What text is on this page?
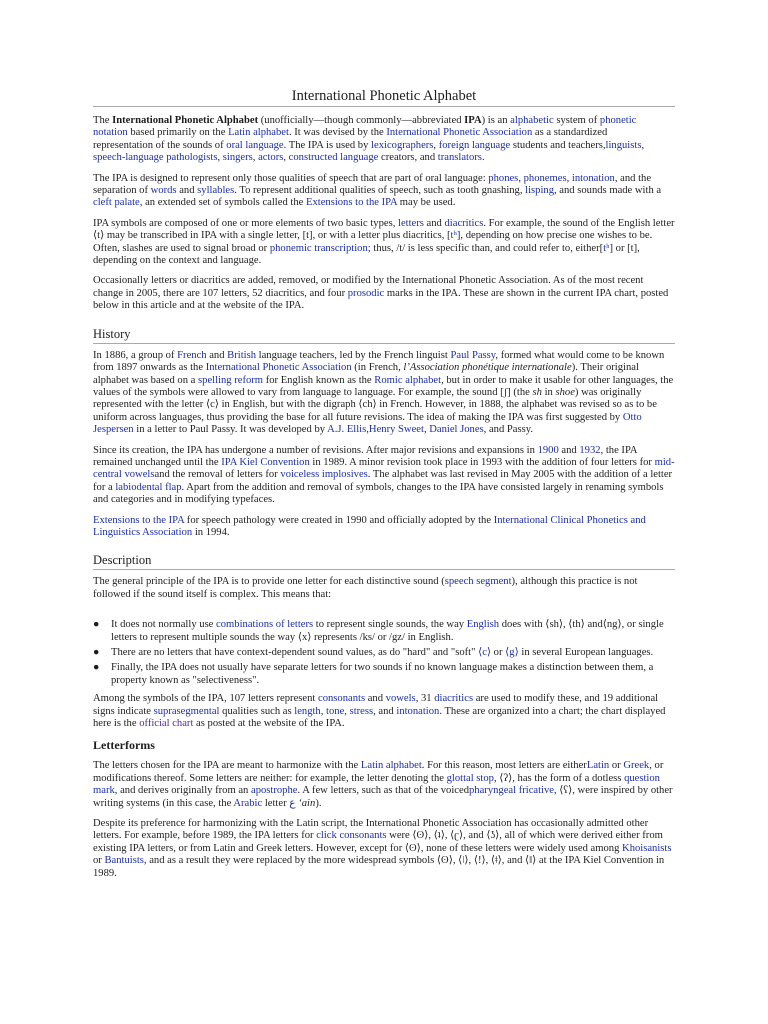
International Phonetic Alphabet

The International Phonetic Alphabet (unofficially—though commonly—abbreviated IPA) is an alphabetic system of phonetic notation based primarily on the Latin alphabet. It was devised by the International Phonetic Association as a standardized representation of the sounds of oral language. The IPA is used by lexicographers, foreign language students and teachers,linguists, speech-language pathologists, singers, actors, constructed language creators, and translators.

The IPA is designed to represent only those qualities of speech that are part of oral language: phones, phonemes, intonation, and the separation of words and syllables. To represent additional qualities of speech, such as tooth gnashing, lisping, and sounds made with a cleft palate, an extended set of symbols called the Extensions to the IPA may be used.

IPA symbols are composed of one or more elements of two basic types, letters and diacritics. For example, the sound of the English letter ⟨t⟩ may be transcribed in IPA with a single letter, [t], or with a letter plus diacritics, [tʰ], depending on how precise one wishes to be. Often, slashes are used to signal broad or phonemic transcription; thus, /t/ is less specific than, and could refer to, either[tʰ] or [t], depending on the context and language.

Occasionally letters or diacritics are added, removed, or modified by the International Phonetic Association. As of the most recent change in 2005, there are 107 letters, 52 diacritics, and four prosodic marks in the IPA. These are shown in the current IPA chart, posted below in this article and at the website of the IPA.

History

In 1886, a group of French and British language teachers, led by the French linguist Paul Passy, formed what would come to be known from 1897 onwards as the International Phonetic Association (in French, l’Association phonétique internationale). Their original alphabet was based on a spelling reform for English known as the Romic alphabet, but in order to make it usable for other languages, the values of the symbols were allowed to vary from language to language. For example, the sound [ʃ] (the sh in shoe) was originally represented with the letter ⟨c⟩ in English, but with the digraph ⟨ch⟩ in French. However, in 1888, the alphabet was revised so as to be uniform across languages, thus providing the base for all future revisions. The idea of making the IPA was first suggested by Otto Jespersen in a letter to Paul Passy. It was developed by A.J. Ellis,Henry Sweet, Daniel Jones, and Passy.

Since its creation, the IPA has undergone a number of revisions. After major revisions and expansions in 1900 and 1932, the IPA remained unchanged until the IPA Kiel Convention in 1989. A minor revision took place in 1993 with the addition of four letters for mid-central vowelsand the removal of letters for voiceless implosives. The alphabet was last revised in May 2005 with the addition of a letter for a labiodental flap. Apart from the addition and removal of symbols, changes to the IPA have consisted largely in renaming symbols and categories and in modifying typefaces.

Extensions to the IPA for speech pathology were created in 1990 and officially adopted by the International Clinical Phonetics and Linguistics Association in 1994.

Description

The general principle of the IPA is to provide one letter for each distinctive sound (speech segment), although this practice is not followed if the sound itself is complex. This means that:

● It does not normally use combinations of letters to represent single sounds, the way English does with ⟨sh⟩, ⟨th⟩ and⟨ng⟩, or single letters to represent multiple sounds the way ⟨x⟩ represents /ks/ or /gz/ in English.
● There are no letters that have context-dependent sound values, as do "hard" and "soft" ⟨c⟩ or ⟨g⟩ in several European languages.
● Finally, the IPA does not usually have separate letters for two sounds if no known language makes a distinction between them, a property known as "selectiveness".

Among the symbols of the IPA, 107 letters represent consonants and vowels, 31 diacritics are used to modify these, and 19 additional signs indicate suprasegmental qualities such as length, tone, stress, and intonation. These are organized into a chart; the chart displayed here is the official chart as posted at the website of the IPA.

Letterforms

The letters chosen for the IPA are meant to harmonize with the Latin alphabet. For this reason, most letters are eitherLatin or Greek, or modifications thereof. Some letters are neither: for example, the letter denoting the glottal stop, ⟨ʔ⟩, has the form of a dotless question mark, and derives originally from an apostrophe. A few letters, such as that of the voicedpharyngeal fricative, ⟨ʕ⟩, were inspired by other writing systems (in this case, the Arabic letter ع ‘ain).

Despite its preference for harmonizing with the Latin script, the International Phonetic Association has occasionally admitted other letters. For example, before 1989, the IPA letters for click consonants were ⟨ʘ⟩, ⟨ʇ⟩, ⟨ʗ⟩, and ⟨ʖ⟩, all of which were derived either from existing IPA letters, or from Latin and Greek letters. However, except for ⟨ʘ⟩, none of these letters were widely used among Khoisanists or Bantuists, and as a result they were replaced by the more widespread symbols ⟨ʘ⟩, ⟨ǀ⟩, ⟨ǃ⟩, ⟨ǂ⟩, and ⟨ǁ⟩ at the IPA Kiel Convention in 1989.
